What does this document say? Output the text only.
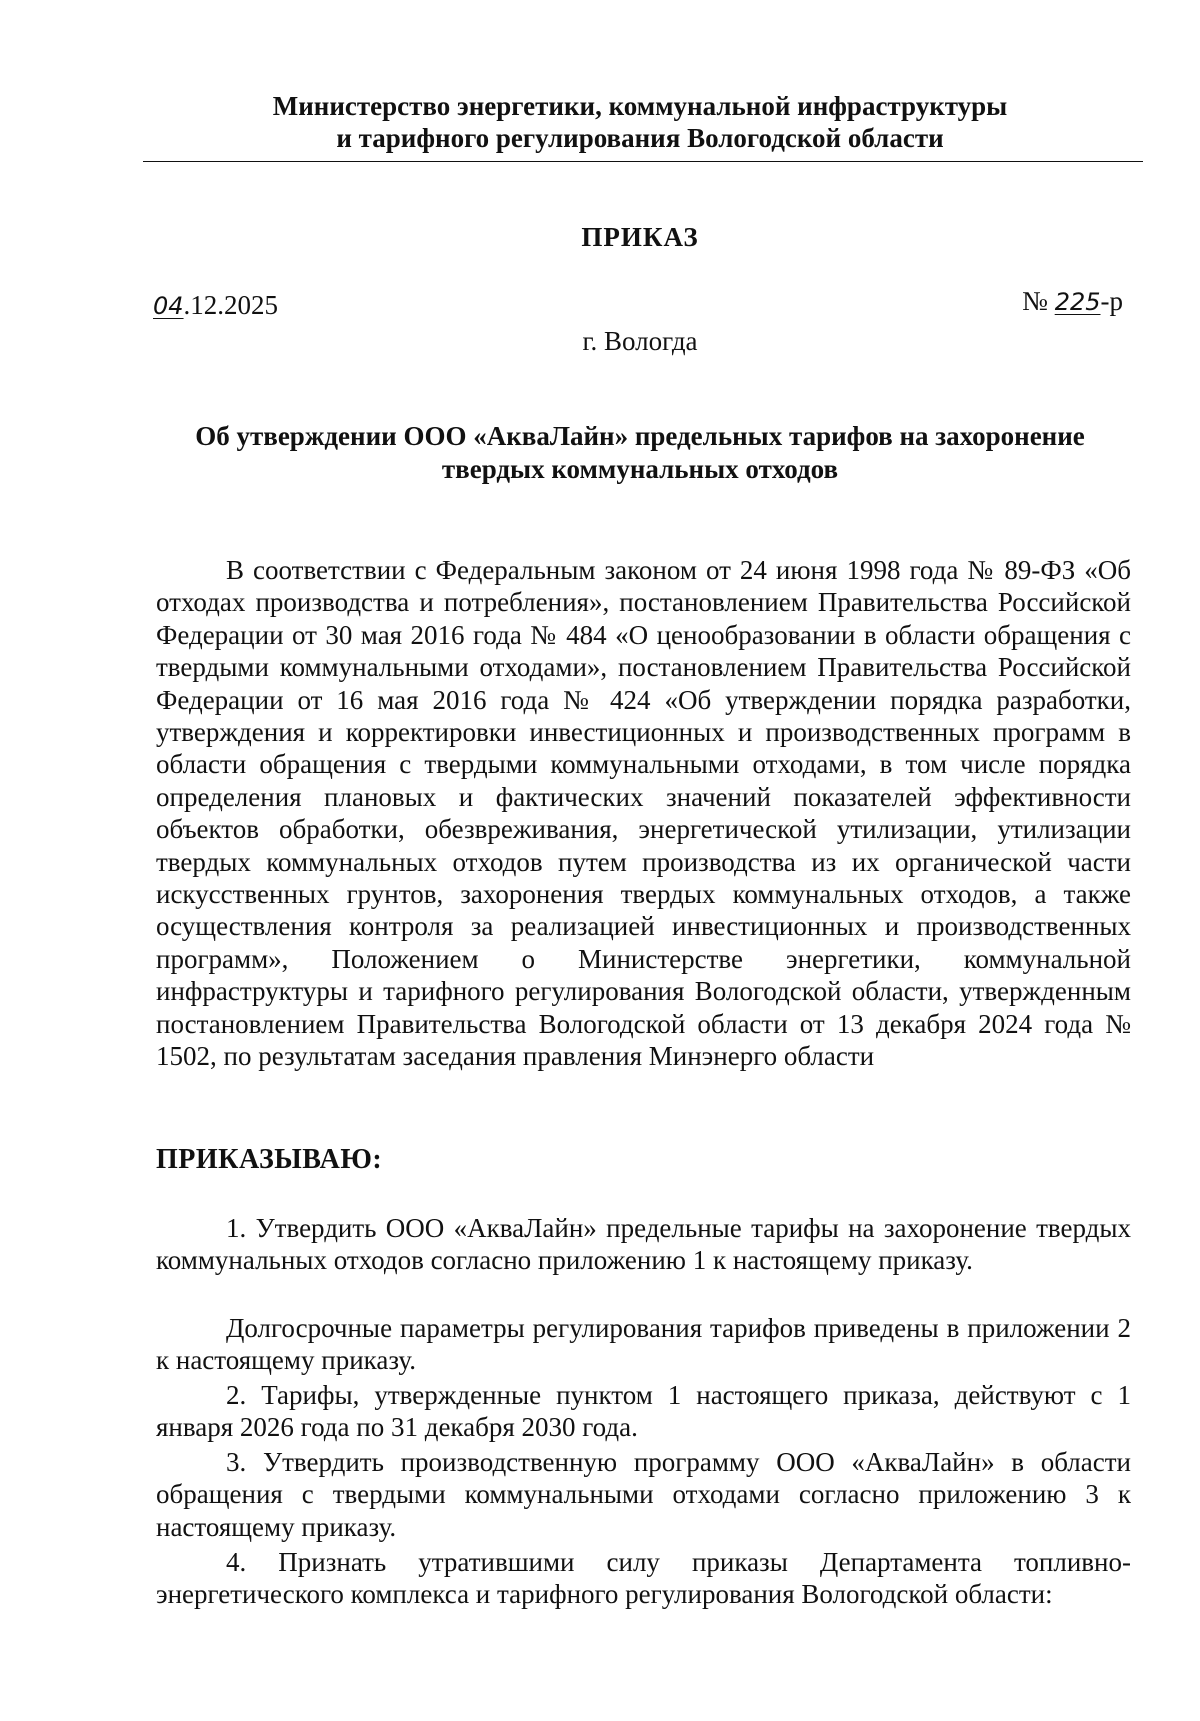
Министерство энергетики, коммунальной инфраструктуры
и тарифного регулирования Вологодской области
ПРИКАЗ
04.12.2025	№ 225-р
г. Вологда
Об утверждении ООО «АкваЛайн» предельных тарифов на захоронение
твердых коммунальных отходов

В соответствии с Федеральным законом от 24 июня 1998 года № 89-ФЗ «Об отходах производства и потребления», постановлением Правительства Российской Федерации от 30 мая 2016 года № 484 «О ценообразовании в области обращения с твердыми коммунальными отходами», постановлением Правительства Российской Федерации от 16 мая 2016 года № 424 «Об утверждении порядка разработки, утверждения и корректировки инвестиционных и производственных программ в области обращения с твердыми коммунальными отходами, в том числе порядка определения плановых и фактических значений показателей эффективности объектов обработки, обезвреживания, энергетической утилизации, утилизации твердых коммунальных отходов путем производства из их органической части искусственных грунтов, захоронения твердых коммунальных отходов, а также осуществления контроля за реализацией инвестиционных и производственных программ», Положением о Министерстве энергетики, коммунальной инфраструктуры и тарифного регулирования Вологодской области, утвержденным постановлением Правительства Вологодской области от 13 декабря 2024 года № 1502, по результатам заседания правления Минэнерго области

ПРИКАЗЫВАЮ:

1. Утвердить ООО «АкваЛайн» предельные тарифы на захоронение твердых коммунальных отходов согласно приложению 1 к настоящему приказу.

Долгосрочные параметры регулирования тарифов приведены в приложении 2 к настоящему приказу.

2. Тарифы, утвержденные пунктом 1 настоящего приказа, действуют с 1 января 2026 года по 31 декабря 2030 года.

3. Утвердить производственную программу ООО «АкваЛайн» в области обращения с твердыми коммунальными отходами согласно приложению 3 к настоящему приказу.

4. Признать утратившими силу приказы Департамента топливно-энергетического комплекса и тарифного регулирования Вологодской области:
